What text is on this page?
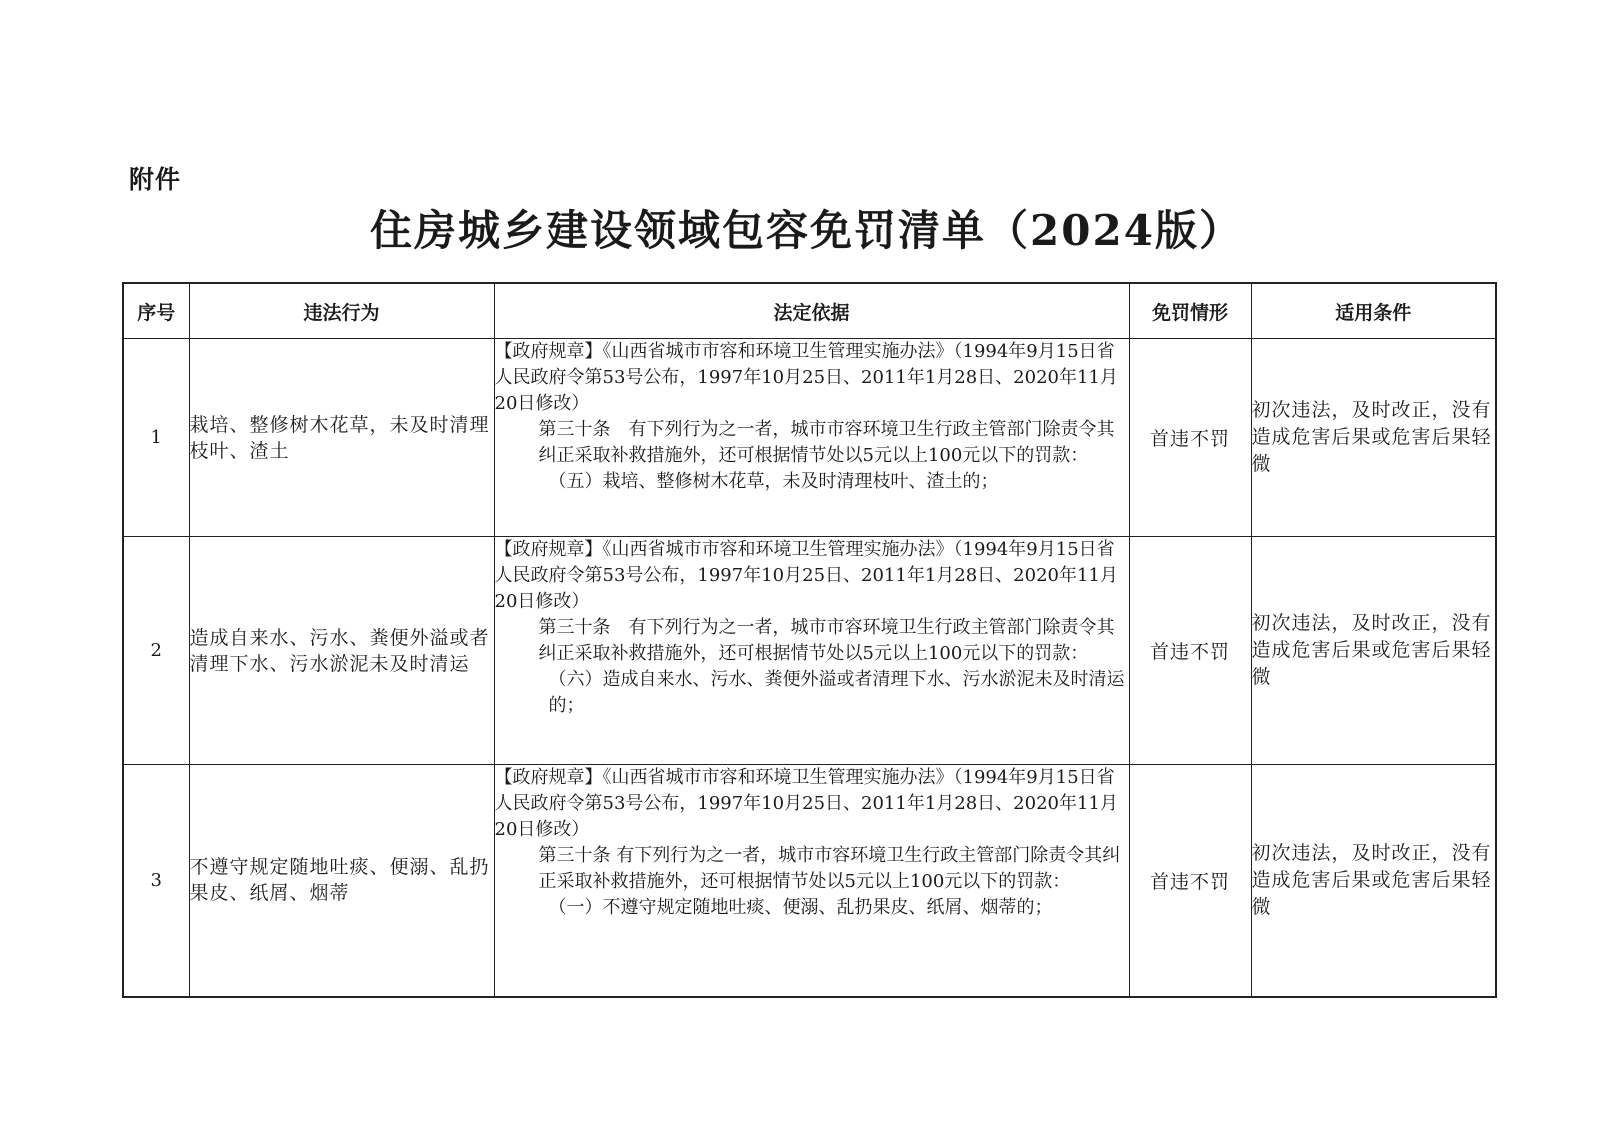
附件
住房城乡建设领域包容免罚清单（2024版）
序号	违法行为	法定依据	免罚情形	适用条件
1	栽培、整修树木花草，未及时清理枝叶、渣土	【政府规章】《山西省城市市容和环境卫生管理实施办法》（1994年9月15日省人民政府令第53号公布，1997年10月25日、2011年1月28日、2020年11月20日修改）

第三十条　有下列行为之一者，城市市容环境卫生行政主管部门除责令其纠正采取补救措施外，还可根据情节处以5元以上100元以下的罚款：

（五）栽培、整修树木花草，未及时清理枝叶、渣土的；	首违不罚	初次违法，及时改正，没有造成危害后果或危害后果轻微
2	造成自来水、污水、粪便外溢或者清理下水、污水淤泥未及时清运	【政府规章】《山西省城市市容和环境卫生管理实施办法》（1994年9月15日省人民政府令第53号公布，1997年10月25日、2011年1月28日、2020年11月20日修改）

第三十条　有下列行为之一者，城市市容环境卫生行政主管部门除责令其纠正采取补救措施外，还可根据情节处以5元以上100元以下的罚款：

（六）造成自来水、污水、粪便外溢或者清理下水、污水淤泥未及时清运的；	首违不罚	初次违法，及时改正，没有造成危害后果或危害后果轻微
3	不遵守规定随地吐痰、便溺、乱扔果皮、纸屑、烟蒂	【政府规章】《山西省城市市容和环境卫生管理实施办法》（1994年9月15日省人民政府令第53号公布，1997年10月25日、2011年1月28日、2020年11月20日修改）

第三十条 有下列行为之一者，城市市容环境卫生行政主管部门除责令其纠正采取补救措施外，还可根据情节处以5元以上100元以下的罚款：

（一）不遵守规定随地吐痰、便溺、乱扔果皮、纸屑、烟蒂的；	首违不罚	初次违法，及时改正，没有造成危害后果或危害后果轻微
